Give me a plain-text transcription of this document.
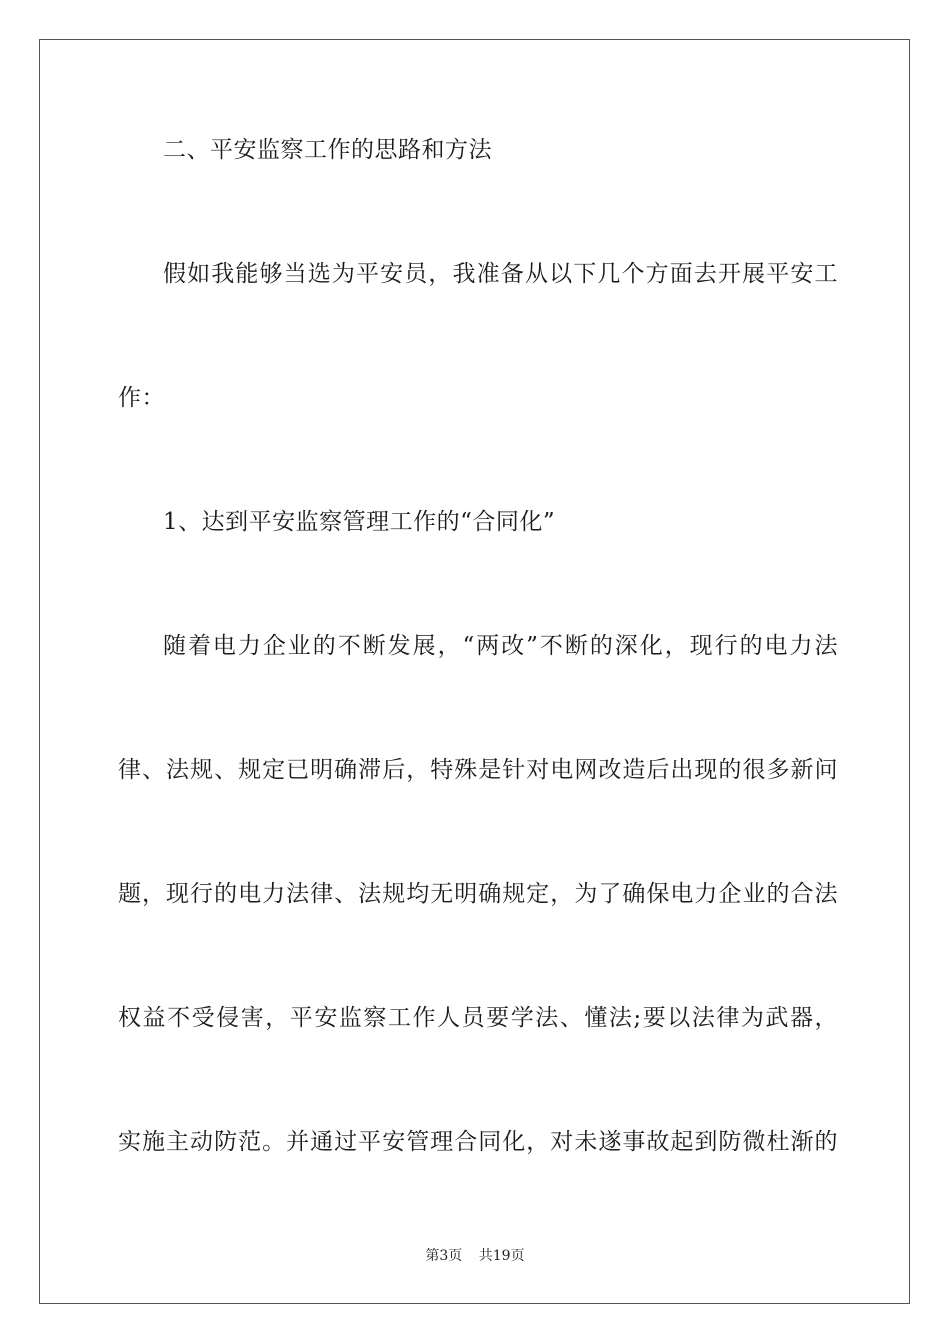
二、平安监察工作的思路和方法
假如我能够当选为平安员，我准备从以下几个方面去开展平安工
作：
1、达到平安监察管理工作的“合同化”
随着电力企业的不断发展，“两改”不断的深化，现行的电力法
律、法规、规定已明确滞后，特殊是针对电网改造后出现的很多新问
题，现行的电力法律、法规均无明确规定，为了确保电力企业的合法
权益不受侵害，平安监察工作人员要学法、懂法;要以法律为武器，
实施主动防范。并通过平安管理合同化，对未遂事故起到防微杜渐的
第3页 共19页
